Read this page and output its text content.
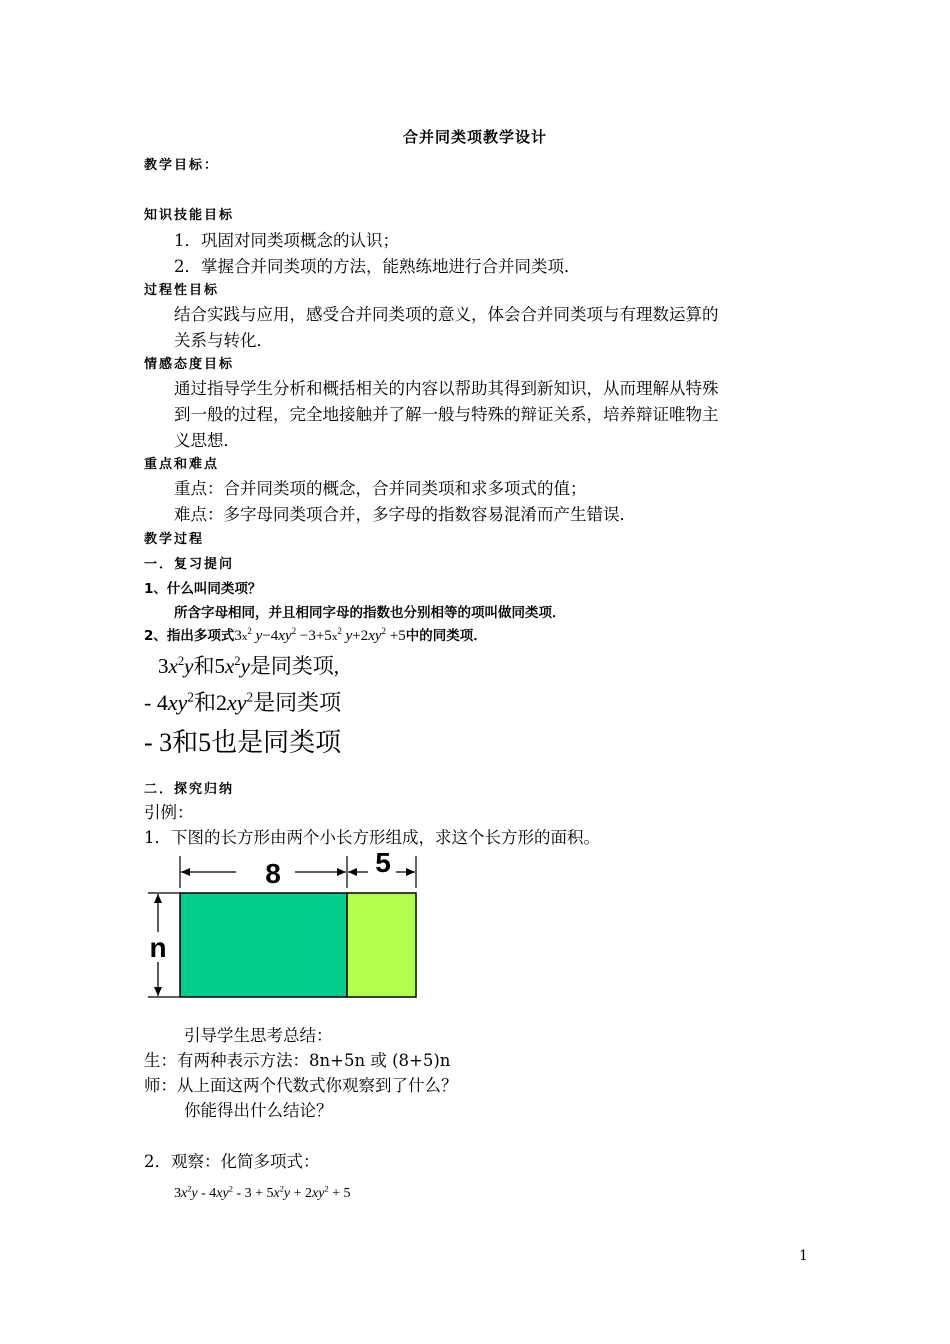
合并同类项教学设计
教学目标：
知识技能目标
1．巩固对同类项概念的认识；
2．掌握合并同类项的方法，能熟练地进行合并同类项．
过程性目标
结合实践与应用，感受合并同类项的意义，体会合并同类项与有理数运算的
关系与转化．
情感态度目标
通过指导学生分析和概括相关的内容以帮助其得到新知识，从而理解从特殊
到一般的过程，完全地接触并了解一般与特殊的辩证关系，培养辩证唯物主
义思想．
重点和难点
重点：合并同类项的概念，合并同类项和求多项式的值；
难点：多字母同类项合并，多字母的指数容易混淆而产生错误．
教学过程
一．复习提问
1、什么叫同类项？
所含字母相同，并且相同字母的指数也分别相等的项叫做同类项．
2、指出多项式$3x^2$ $y-4xy^2 -3+5x^2$ $y+2xy^2 +5$中的同类项．
$3x^2y$和$5x^2y$是同类项,
- $4xy^2$和$2xy^2$是同类项
- 3和5也是同类项
二．探究归纳
引例：
1．下图的长方形由两个小长方形组成，求这个长方形的面积。
8	5
n
引导学生思考总结：
生：有两种表示方法：8n+5n 或 (8+5)n
师：从上面这两个代数式你观察到了什么？
你能得出什么结论？
2．观察：化简多项式：
$3x^2y - 4xy^2 - 3 + 5x^2y + 2xy^2 + 5$
1
